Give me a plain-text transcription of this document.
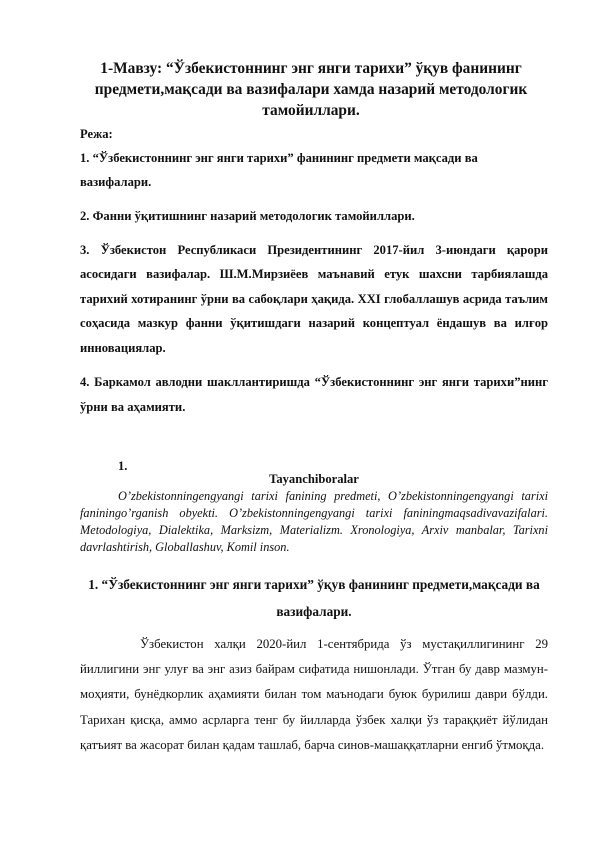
1-Мавзу: “Ўзбекистоннинг энг янги тарихи” ўқув фанининг предмети,мақсади ва вазифалари хамда назарий методологик тамойиллари.
Режа:
1. “Ўзбекистоннинг энг янги тарихи” фанининг предмети мақсади ва вазифалари.
2. Фанни ўқитишнинг назарий методологик тамойиллари.
3. Ўзбекистон Республикаси Президентининг 2017-йил 3-июндаги қарори асосидаги вазифалар. Ш.М.Мирзиёев маънавий етук шахсни тарбиялашда тарихий хотиранинг ўрни ва сабоқлари ҳақида. XXI глобаллашув асрида таълим соҳасида мазкур фанни ўқитишдаги назарий концептуал ёндашув ва илғор инновациялар.
4. Баркамол авлодни шакллантиришда “Ўзбекистоннинг энг янги тарихи”нинг ўрни ва аҳамияти.
1.
Tayanchiboralar
O’zbekistonningengyangi tarixi fanining predmeti, O’zbekistonningengyangi tarixi faniningo’rganish obyekti. O’zbekistonningengyangi tarixi faniningmaqsadivavazifalari. Metodologiya, Dialektika, Marksizm, Materializm. Xronologiya, Arxiv manbalar, Tarixni davrlashtirish, Globallashuv, Komil inson.
1. “Ўзбекистоннинг энг янги тарихи” ўқув фанининг предмети,мақсади ва вазифалари.
Ўзбекистон халқи 2020-йил 1-сентябрида ўз мустақиллигининг 29 йиллигини энг улуғ ва энг азиз байрам сифатида нишонлади. Ўтган бу давр мазмун-моҳияти, бунёдкорлик аҳамияти билан том маънодаги буюк бурилиш даври бўлди. Тарихан қисқа, аммо асрларга тенг бу йилларда ўзбек халқи ўз тараққиёт йўлидан қатъият ва жасорат билан қадам ташлаб, барча синов-машаққатларни енгиб ўтмоқда.
